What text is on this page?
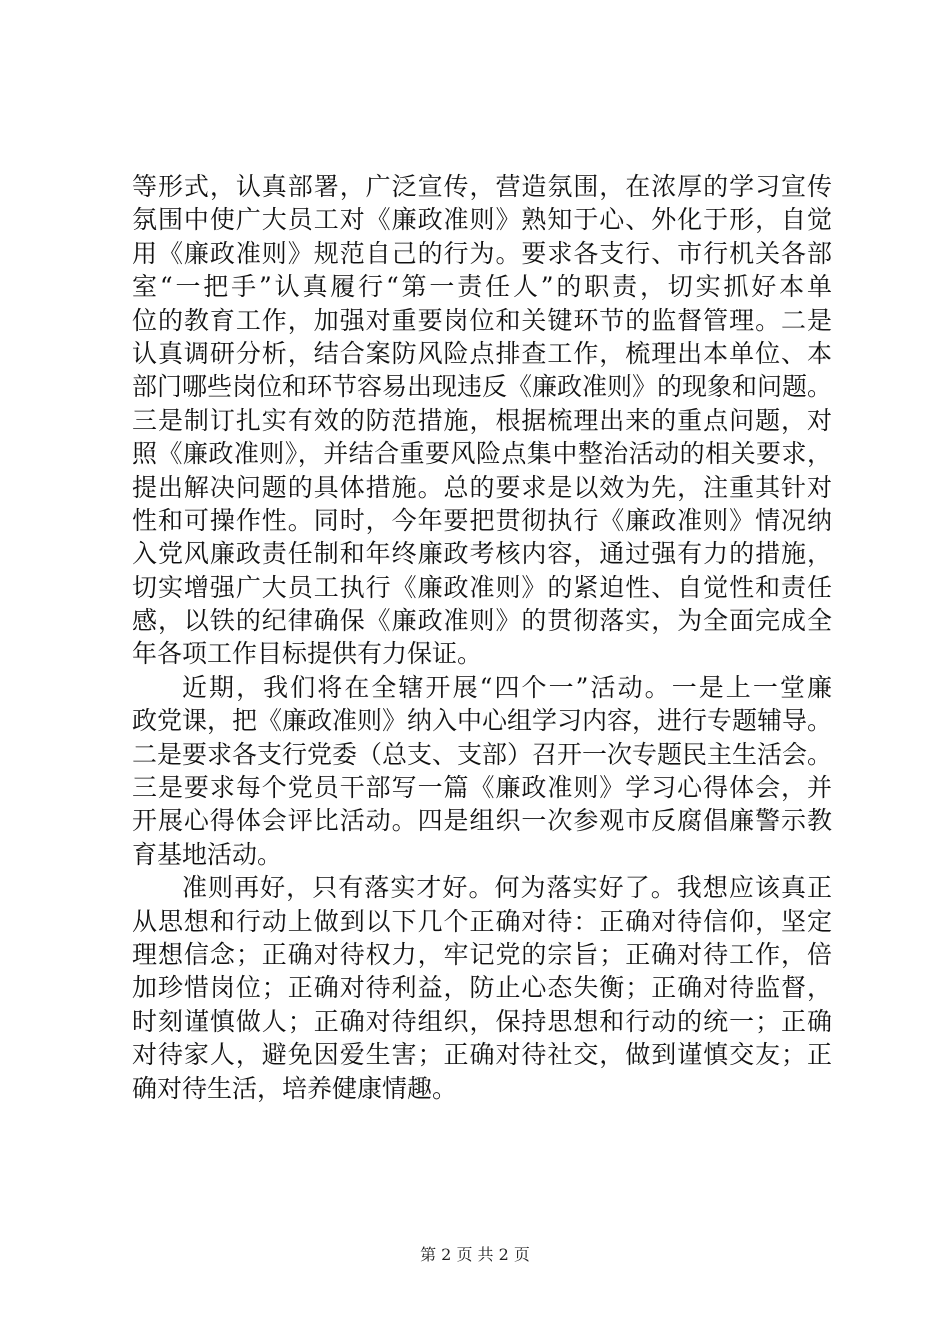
等形式，认真部署，广泛宣传，营造氛围，在浓厚的学习宣传
氛围中使广大员工对《廉政准则》熟知于心、外化于形，自觉
用《廉政准则》规范自己的行为。要求各支行、市行机关各部
室“一把手”认真履行“第一责任人”的职责，切实抓好本单
位的教育工作，加强对重要岗位和关键环节的监督管理。二是
认真调研分析，结合案防风险点排查工作，梳理出本单位、本
部门哪些岗位和环节容易出现违反《廉政准则》的现象和问题。
三是制订扎实有效的防范措施，根据梳理出来的重点问题，对
照《廉政准则》，并结合重要风险点集中整治活动的相关要求，
提出解决问题的具体措施。总的要求是以效为先，注重其针对
性和可操作性。同时，今年要把贯彻执行《廉政准则》情况纳
入党风廉政责任制和年终廉政考核内容，通过强有力的措施，
切实增强广大员工执行《廉政准则》的紧迫性、自觉性和责任
感，以铁的纪律确保《廉政准则》的贯彻落实，为全面完成全
年各项工作目标提供有力保证。
近期，我们将在全辖开展“四个一”活动。一是上一堂廉
政党课，把《廉政准则》纳入中心组学习内容，进行专题辅导。
二是要求各支行党委（总支、支部）召开一次专题民主生活会。
三是要求每个党员干部写一篇《廉政准则》学习心得体会，并
开展心得体会评比活动。四是组织一次参观市反腐倡廉警示教
育基地活动。
准则再好，只有落实才好。何为落实好了。我想应该真正
从思想和行动上做到以下几个正确对待：正确对待信仰，坚定
理想信念；正确对待权力，牢记党的宗旨；正确对待工作，倍
加珍惜岗位；正确对待利益，防止心态失衡；正确对待监督，
时刻谨慎做人；正确对待组织，保持思想和行动的统一；正确
对待家人，避免因爱生害；正确对待社交，做到谨慎交友；正
确对待生活，培养健康情趣。
第 2 页 共 2 页
